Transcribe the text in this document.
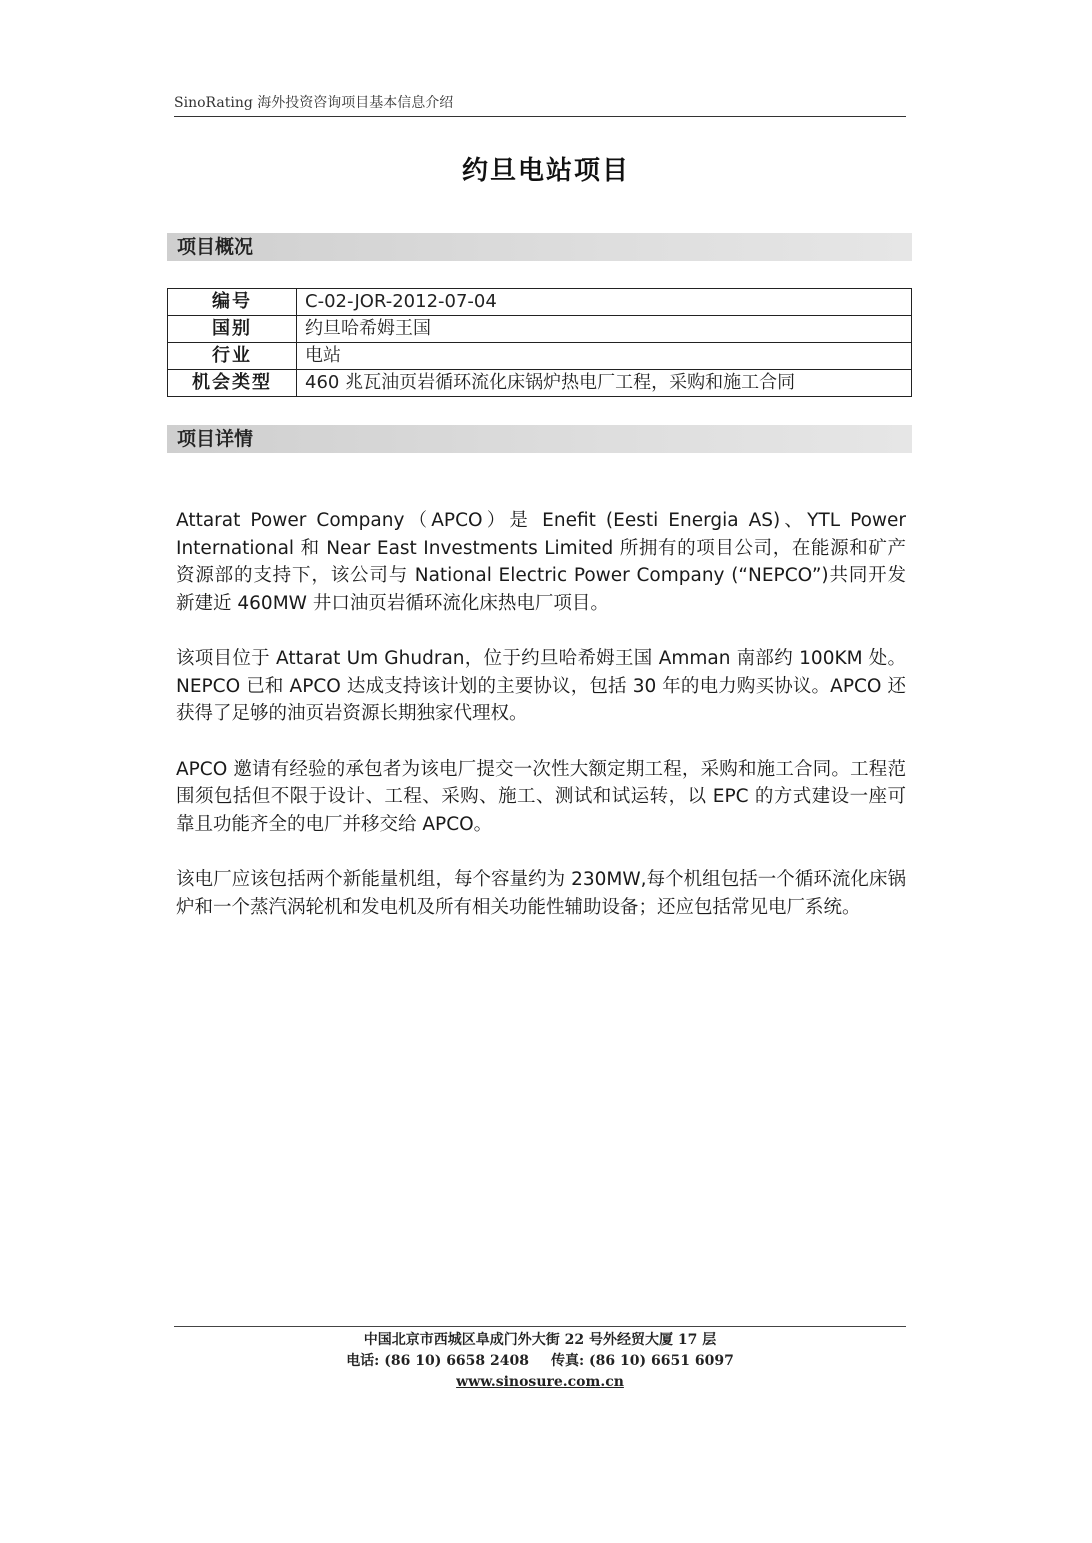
SinoRating 海外投资咨询项目基本信息介绍
约旦电站项目
项目概况
编号	C-02-JOR-2012-07-04
国别	约旦哈希姆王国
行业	电站
机会类型	460 兆瓦油页岩循环流化床锅炉热电厂工程，采购和施工合同
项目详情

Attarat Power Company（APCO）是 Enefit (Eesti Energia AS)、YTL Power International 和 Near East Investments Limited 所拥有的项目公司，在能源和矿产资源部的支持下，该公司与 National Electric Power Company (“NEPCO”)共同开发新建近 460MW 井口油页岩循环流化床热电厂项目。

该项目位于 Attarat Um Ghudran，位于约旦哈希姆王国 Amman 南部约 100KM 处。NEPCO 已和 APCO 达成支持该计划的主要协议，包括 30 年的电力购买协议。APCO 还获得了足够的油页岩资源长期独家代理权。

APCO 邀请有经验的承包者为该电厂提交一次性大额定期工程，采购和施工合同。工程范围须包括但不限于设计、工程、采购、施工、测试和试运转，以 EPC 的方式建设一座可靠且功能齐全的电厂并移交给 APCO。

该电厂应该包括两个新能量机组，每个容量约为 230MW,每个机组包括一个循环流化床锅炉和一个蒸汽涡轮机和发电机及所有相关功能性辅助设备；还应包括常见电厂系统。

中国北京市西城区阜成门外大街 22 号外经贸大厦 17 层
电话: (86 10) 6658 2408 传真: (86 10) 6651 6097
www.sinosure.com.cn
